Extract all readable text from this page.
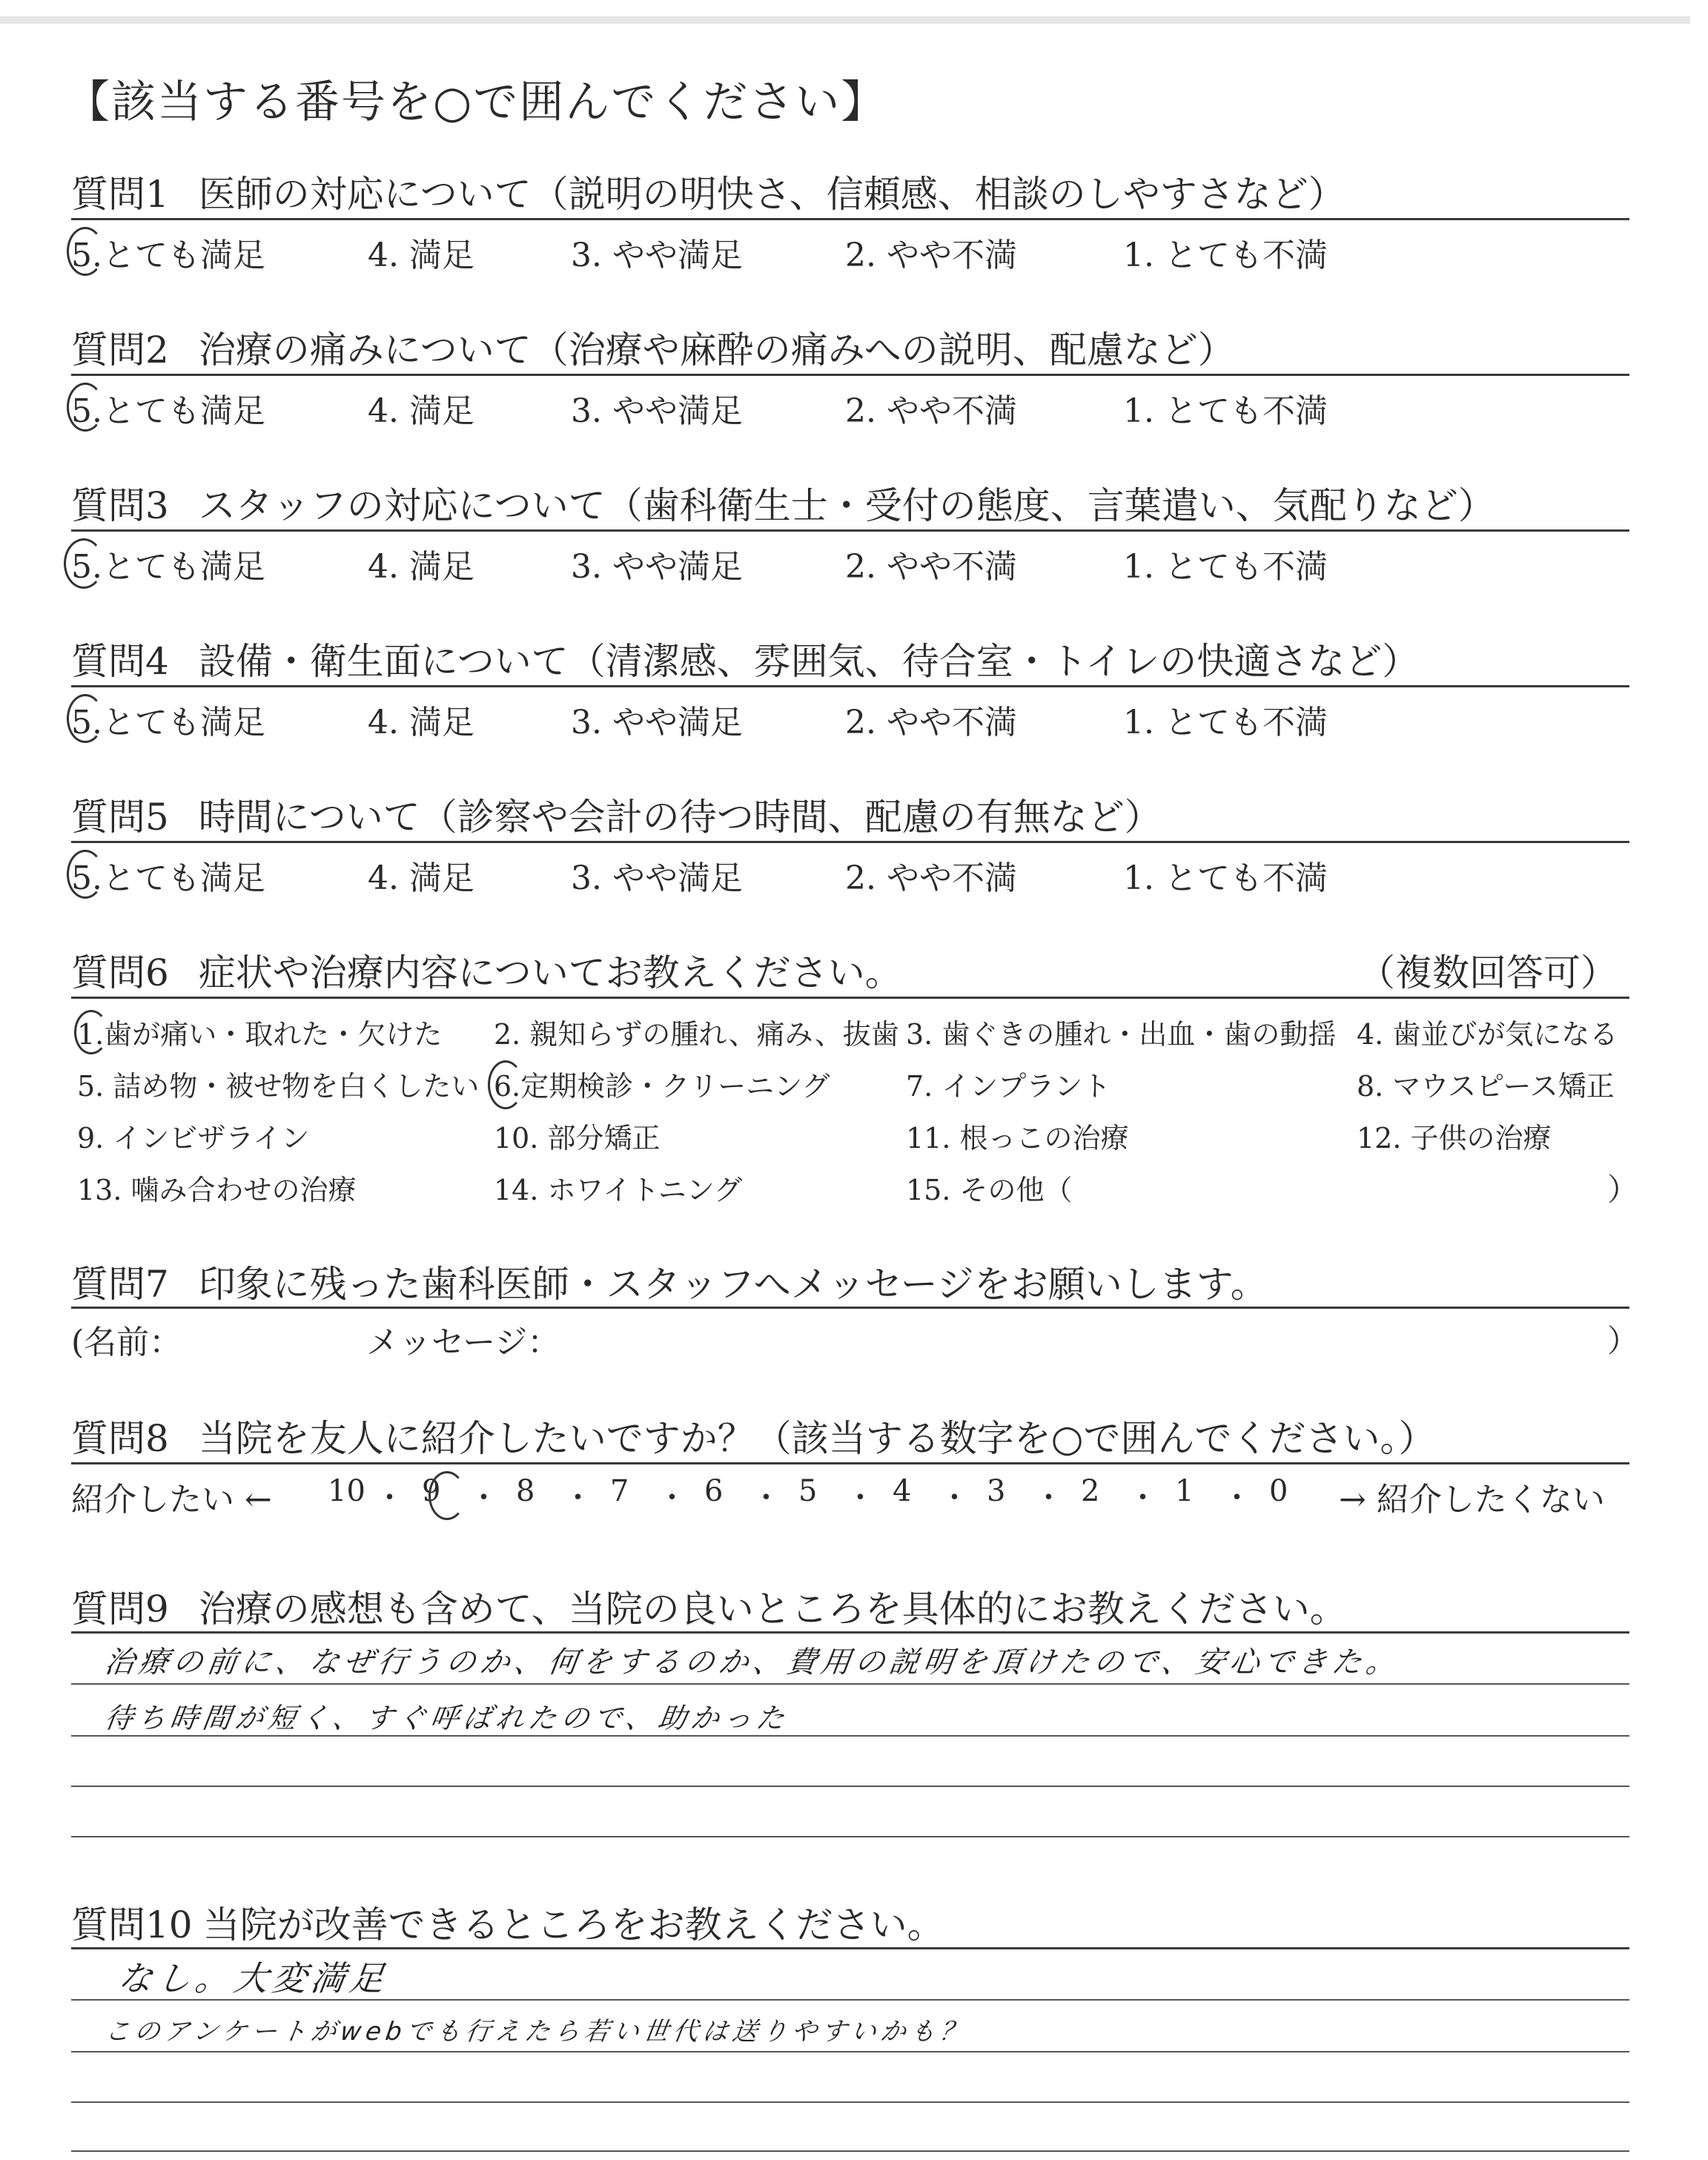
【該当する番号を○で囲んでください】
質問1 医師の対応について（説明の明快さ、信頼感、相談のしやすさなど）
5.とても満足	4. 満足	3. やや満足	2. やや不満	1. とても不満
質問2 治療の痛みについて（治療や麻酔の痛みへの説明、配慮など）
5.とても満足	4. 満足	3. やや満足	2. やや不満	1. とても不満
質問3 スタッフの対応について（歯科衛生士・受付の態度、言葉遣い、気配りなど）
5.とても満足	4. 満足	3. やや満足	2. やや不満	1. とても不満
質問4 設備・衛生面について（清潔感、雰囲気、待合室・トイレの快適さなど）
5.とても満足	4. 満足	3. やや満足	2. やや不満	1. とても不満
質問5 時間について（診察や会計の待つ時間、配慮の有無など）
5.とても満足	4. 満足	3. やや満足	2. やや不満	1. とても不満
質問6 症状や治療内容についてお教えください。	（複数回答可）
1.歯が痛い・取れた・欠けた 2. 親知らずの腫れ、痛み、抜歯 3. 歯ぐきの腫れ・出血・歯の動揺 4. 歯並びが気になる
5. 詰め物・被せ物を白くしたい 6.定期検診・クリーニング	7. インプラント	8. マウスピース矯正
9. インビザライン	10. 部分矯正	11. 根っこの治療	12. 子供の治療
13. 噛み合わせの治療	14. ホワイトニング	15. その他（	）
質問7 印象に残った歯科医師・スタッフへメッセージをお願いします。
(名前：	メッセージ：	）
質問8 当院を友人に紹介したいですか？（該当する数字を○で囲んでください。）
紹介したい ← 10 ・ 9 ・ 8 ・ 7 ・ 6 ・ 5 ・ 4 ・ 3 ・ 2 ・ 1 ・ 0 → 紹介したくない
質問9 治療の感想も含めて、当院の良いところを具体的にお教えください。
治療の前に、なぜ行うのか、何をするのか、費用の説明を頂けたので、安心できた。
待ち時間が短く、すぐ呼ばれたので、助かった
質問10 当院が改善できるところをお教えください。
なし。大変満足
このアンケートがwebでも行えたら若い世代は送りやすいかも？
